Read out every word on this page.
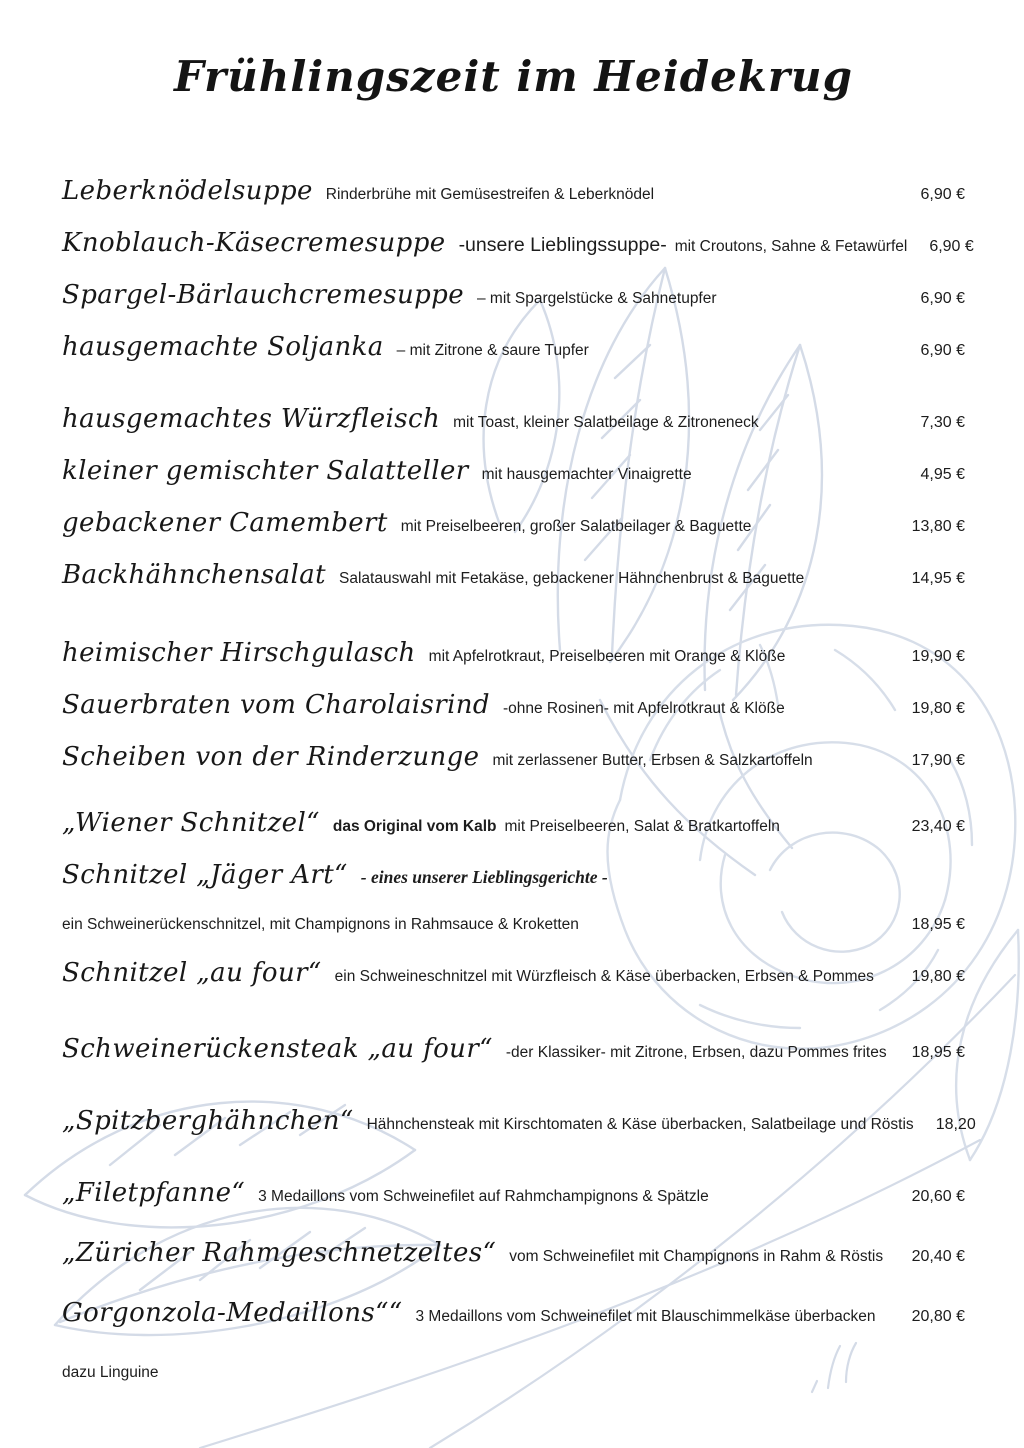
Frühlingszeit im Heidekrug
Leberknödelsuppe Rinderbrühe mit Gemüsestreifen & Leberknödel	6,90 €
Knoblauch-Käsecremesuppe -unsere Lieblingssuppe- mit Croutons, Sahne & Fetawürfel 6,90 €
Spargel-Bärlauchcremesuppe – mit Spargelstücke & Sahnetupfer	6,90 €
hausgemachte Soljanka – mit Zitrone & saure Tupfer	6,90 €
hausgemachtes Würzfleisch mit Toast, kleiner Salatbeilage & Zitroneneck	7,30 €
kleiner gemischter Salatteller mit hausgemachter Vinaigrette	4,95 €
gebackener Camembert mit Preiselbeeren, großer Salatbeilager & Baguette	13,80 €
Backhähnchensalat Salatauswahl mit Fetakäse, gebackener Hähnchenbrust & Baguette	14,95 €
heimischer Hirschgulasch mit Apfelrotkraut, Preiselbeeren mit Orange & Klöße	19,90 €
Sauerbraten vom Charolaisrind -ohne Rosinen- mit Apfelrotkraut & Klöße	19,80 €
Scheiben von der Rinderzunge mit zerlassener Butter, Erbsen & Salzkartoffeln	17,90 €
„Wiener Schnitzel“ das Original vom Kalb mit Preiselbeeren, Salat & Bratkartoffeln	23,40 €
Schnitzel „Jäger Art“ - eines unserer Lieblingsgerichte -
ein Schweinerückenschnitzel, mit Champignons in Rahmsauce & Kroketten	18,95 €
Schnitzel „au four“ ein Schweineschnitzel mit Würzfleisch & Käse überbacken, Erbsen & Pommes 19,80 €
Schweinerückensteak „au four“ -der Klassiker- mit Zitrone, Erbsen, dazu Pommes frites 18,95 €
„Spitzberghähnchen“ Hähnchensteak mit Kirschtomaten & Käse überbacken, Salatbeilage und Röstis 18,20
„Filetpfanne“ 3 Medaillons vom Schweinefilet auf Rahmchampignons & Spätzle	20,60 €
„Züricher Rahmgeschnetzeltes“ vom Schweinefilet mit Champignons in Rahm & Röstis 20,40 €
Gorgonzola-Medaillons““ 3 Medaillons vom Schweinefilet mit Blauschimmelkäse überbacken 20,80 €
dazu Linguine
